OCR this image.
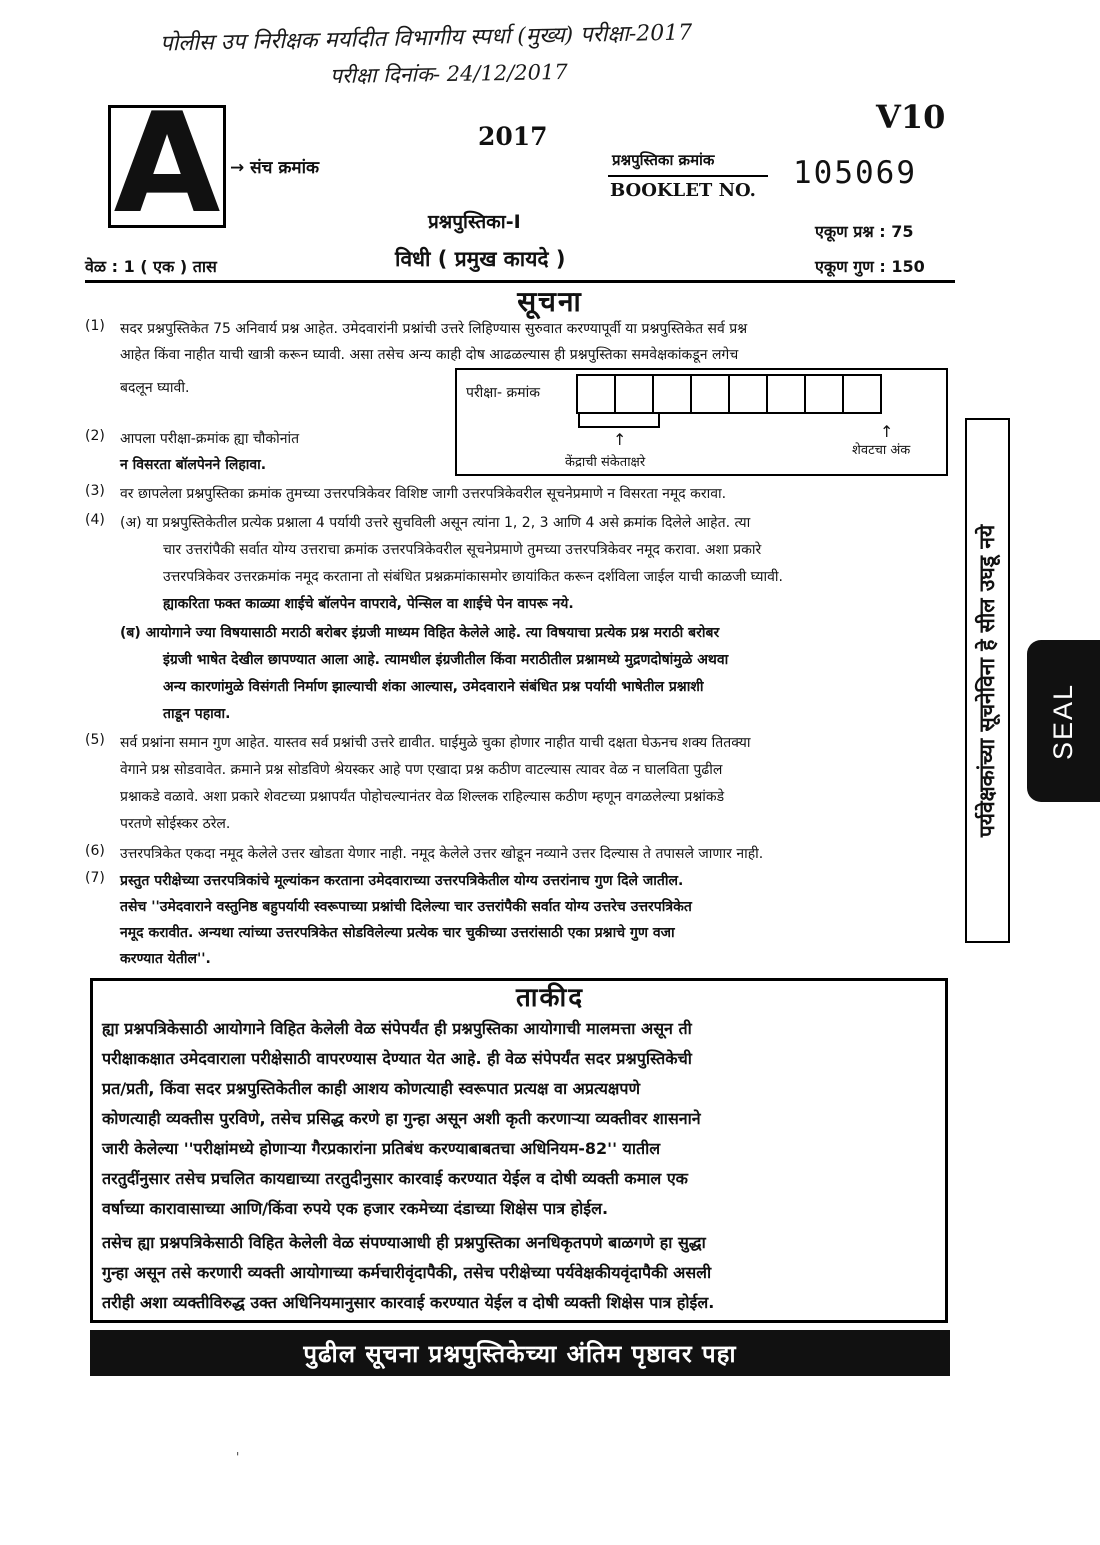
पोलीस उप निरीक्षक मर्यादीत विभागीय स्पर्धा (मुख्य) परीक्षा-2017
परीक्षा दिनांक- 24/12/2017
A → संच क्रमांक
2017
V10
प्रश्नपुस्तिका क्रमांक
BOOKLET NO. 105069
प्रश्नपुस्तिका-I
विधी ( प्रमुख कायदे )
एकूण प्रश्न : 75
वेळ : 1 ( एक ) तास	एकूण गुण : 150
सूचना
(1) सदर प्रश्नपुस्तिकेत 75 अनिवार्य प्रश्न आहेत. उमेदवारांनी प्रश्नांची उत्तरे लिहिण्यास सुरुवात करण्यापूर्वी या प्रश्नपुस्तिकेत सर्व प्रश्न
आहेत किंवा नाहीत याची खात्री करून घ्यावी. असा तसेच अन्य काही दोष आढळल्यास ही प्रश्नपुस्तिका समवेक्षकांकडून लगेच
बदलून घ्यावी.	परीक्षा- क्रमांक
↑
केंद्राची संकेताक्षरे
↑
शेवटचा अंक
(2) आपला परीक्षा-क्रमांक ह्या चौकोनांत
न विसरता बॉलपेनने लिहावा.
(3) वर छापलेला प्रश्नपुस्तिका क्रमांक तुमच्या उत्तरपत्रिकेवर विशिष्ट जागी उत्तरपत्रिकेवरील सूचनेप्रमाणे न विसरता नमूद करावा.
(4) (अ) या प्रश्नपुस्तिकेतील प्रत्येक प्रश्नाला 4 पर्यायी उत्तरे सुचविली असून त्यांना 1, 2, 3 आणि 4 असे क्रमांक दिलेले आहेत. त्या
चार उत्तरांपैकी सर्वात योग्य उत्तराचा क्रमांक उत्तरपत्रिकेवरील सूचनेप्रमाणे तुमच्या उत्तरपत्रिकेवर नमूद करावा. अशा प्रकारे
उत्तरपत्रिकेवर उत्तरक्रमांक नमूद करताना तो संबंधित प्रश्नक्रमांकासमोर छायांकित करून दर्शविला जाईल याची काळजी घ्यावी.
ह्याकरिता फक्त काळ्या शाईचे बॉलपेन वापरावे, पेन्सिल वा शाईचे पेन वापरू नये.
(ब) आयोगाने ज्या विषयासाठी मराठी बरोबर इंग्रजी माध्यम विहित केलेले आहे. त्या विषयाचा प्रत्येक प्रश्न मराठी बरोबर
इंग्रजी भाषेत देखील छापण्यात आला आहे. त्यामधील इंग्रजीतील किंवा मराठीतील प्रश्नामध्ये मुद्रणदोषांमुळे अथवा
अन्य कारणांमुळे विसंगती निर्माण झाल्याची शंका आल्यास, उमेदवाराने संबंधित प्रश्न पर्यायी भाषेतील प्रश्नाशी
ताडून पहावा.
(5) सर्व प्रश्नांना समान गुण आहेत. यास्तव सर्व प्रश्नांची उत्तरे द्यावीत. घाईमुळे चुका होणार नाहीत याची दक्षता घेऊनच शक्य तितक्या
वेगाने प्रश्न सोडवावेत. क्रमाने प्रश्न सोडविणे श्रेयस्कर आहे पण एखादा प्रश्न कठीण वाटल्यास त्यावर वेळ न घालविता पुढील
प्रश्नाकडे वळावे. अशा प्रकारे शेवटच्या प्रश्नापर्यंत पोहोचल्यानंतर वेळ शिल्लक राहिल्यास कठीण म्हणून वगळलेल्या प्रश्नांकडे
परतणे सोईस्कर ठरेल.
(6) उत्तरपत्रिकेत एकदा नमूद केलेले उत्तर खोडता येणार नाही. नमूद केलेले उत्तर खोडून नव्याने उत्तर दिल्यास ते तपासले जाणार नाही.
(7) प्रस्तुत परीक्षेच्या उत्तरपत्रिकांचे मूल्यांकन करताना उमेदवाराच्या उत्तरपत्रिकेतील योग्य उत्तरांनाच गुण दिले जातील.
तसेच ''उमेदवाराने वस्तुनिष्ठ बहुपर्यायी स्वरूपाच्या प्रश्नांची दिलेल्या चार उत्तरांपैकी सर्वात योग्य उत्तरेच उत्तरपत्रिकेत
नमूद करावीत. अन्यथा त्यांच्या उत्तरपत्रिकेत सोडविलेल्या प्रत्येक चार चुकीच्या उत्तरांसाठी एका प्रश्नाचे गुण वजा
करण्यात येतील''.
पर्यवेक्षकांच्या सूचनेविना हे सील उघडू नये SEAL
ताकीद
ह्या प्रश्नपत्रिकेसाठी आयोगाने विहित केलेली वेळ संपेपर्यंत ही प्रश्नपुस्तिका आयोगाची मालमत्ता असून ती
परीक्षाकक्षात उमेदवाराला परीक्षेसाठी वापरण्यास देण्यात येत आहे. ही वेळ संपेपर्यंत सदर प्रश्नपुस्तिकेची
प्रत/प्रती, किंवा सदर प्रश्नपुस्तिकेतील काही आशय कोणत्याही स्वरूपात प्रत्यक्ष वा अप्रत्यक्षपणे
कोणत्याही व्यक्तीस पुरविणे, तसेच प्रसिद्ध करणे हा गुन्हा असून अशी कृती करणाऱ्या व्यक्तीवर शासनाने
जारी केलेल्या ''परीक्षांमध्ये होणाऱ्या गैरप्रकारांना प्रतिबंध करण्याबाबतचा अधिनियम-82'' यातील
तरतुदींनुसार तसेच प्रचलित कायद्याच्या तरतुदीनुसार कारवाई करण्यात येईल व दोषी व्यक्ती कमाल एक
वर्षाच्या कारावासाच्या आणि/किंवा रुपये एक हजार रकमेच्या दंडाच्या शिक्षेस पात्र होईल.
तसेच ह्या प्रश्नपत्रिकेसाठी विहित केलेली वेळ संपण्याआधी ही प्रश्नपुस्तिका अनधिकृतपणे बाळगणे हा सुद्धा
गुन्हा असून तसे करणारी व्यक्ती आयोगाच्या कर्मचारीवृंदापैकी, तसेच परीक्षेच्या पर्यवेक्षकीयवृंदापैकी असली
तरीही अशा व्यक्तीविरुद्ध उक्त अधिनियमानुसार कारवाई करण्यात येईल व दोषी व्यक्ती शिक्षेस पात्र होईल.
पुढील सूचना प्रश्नपुस्तिकेच्या अंतिम पृष्ठावर पहा
'
